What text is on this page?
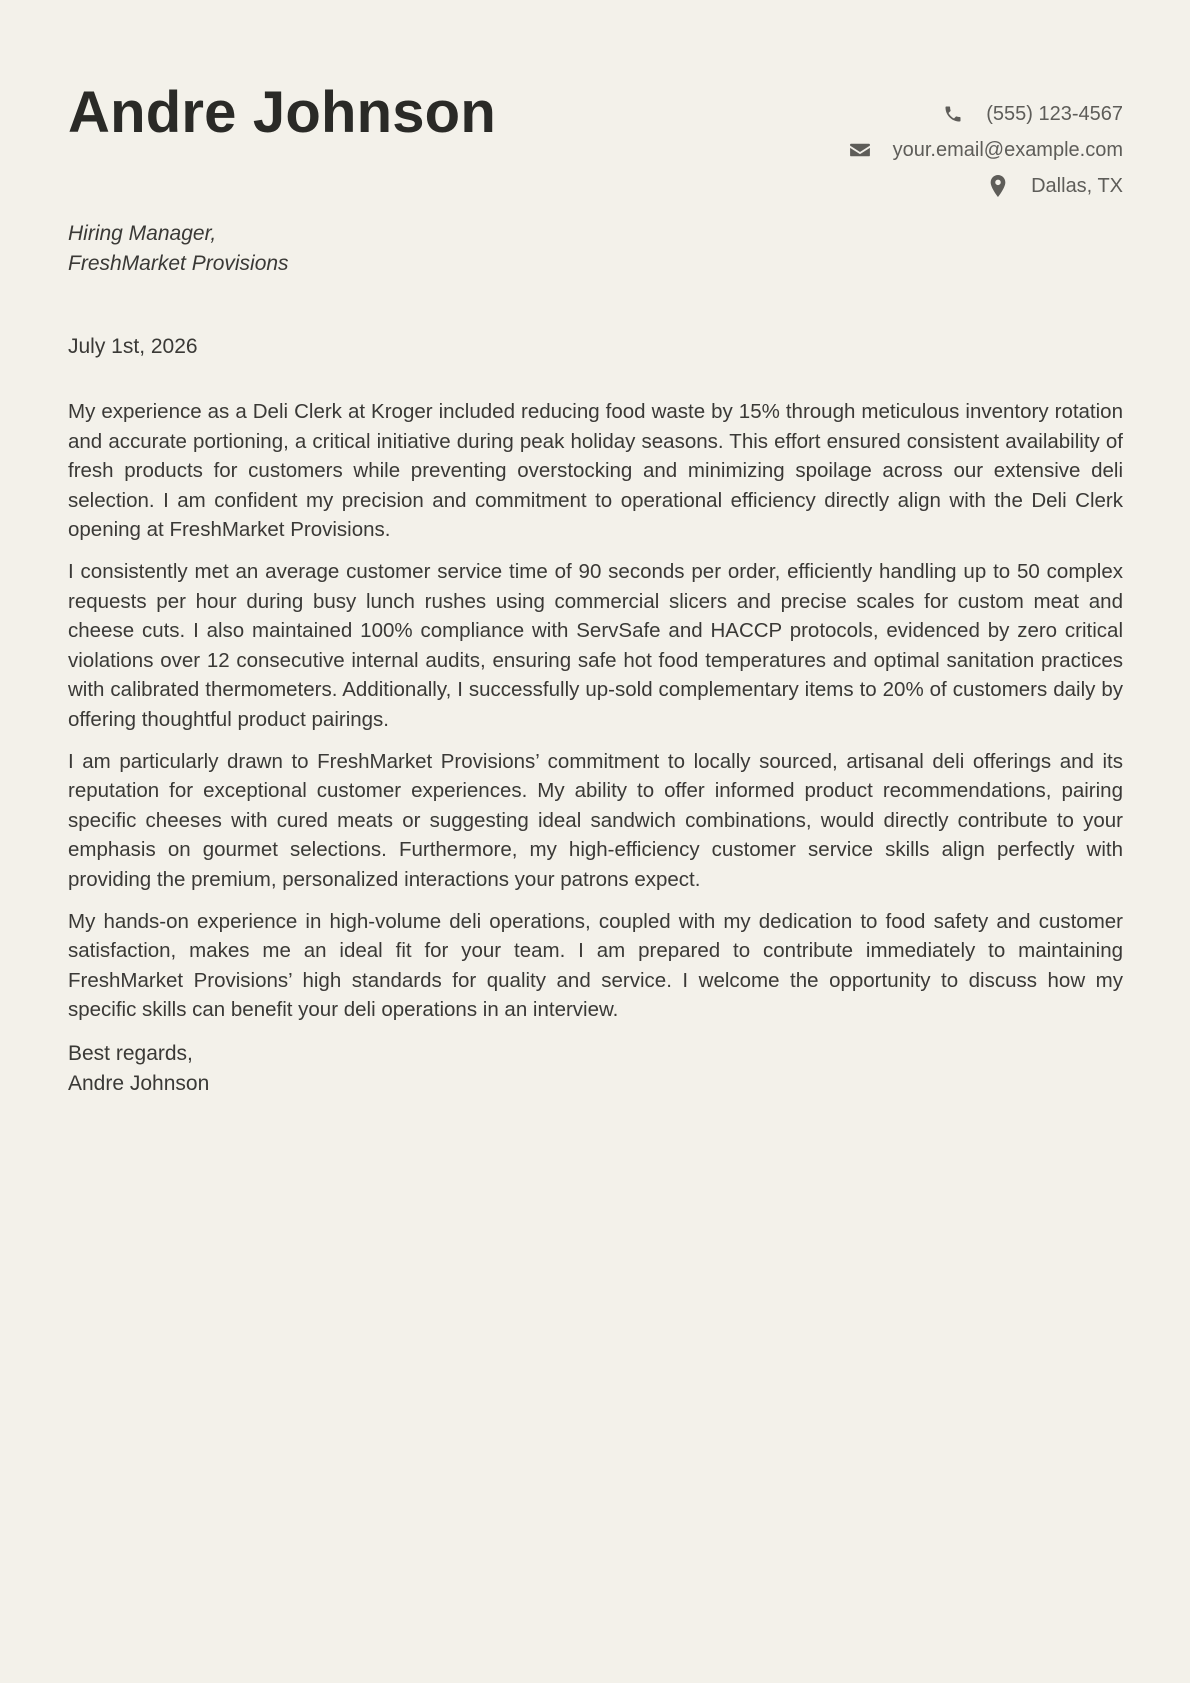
Andre Johnson	(555) 123-4567
your.email@example.com
Dallas, TX
Hiring Manager,
FreshMarket Provisions
July 1st, 2026

My experience as a Deli Clerk at Kroger included reducing food waste by 15% through meticulous inventory rotation and accurate portioning, a critical initiative during peak holiday seasons. This effort ensured consistent availability of fresh products for customers while preventing overstocking and minimizing spoilage across our extensive deli selection. I am confident my precision and commitment to operational efficiency directly align with the Deli Clerk opening at FreshMarket Provisions.

I consistently met an average customer service time of 90 seconds per order, efficiently handling up to 50 complex requests per hour during busy lunch rushes using commercial slicers and precise scales for custom meat and cheese cuts. I also maintained 100% compliance with ServSafe and HACCP protocols, evidenced by zero critical violations over 12 consecutive internal audits, ensuring safe hot food temperatures and optimal sanitation practices with calibrated thermometers. Additionally, I successfully up-sold complementary items to 20% of customers daily by offering thoughtful product pairings.

I am particularly drawn to FreshMarket Provisions’ commitment to locally sourced, artisanal deli offerings and its reputation for exceptional customer experiences. My ability to offer informed product recommendations, pairing specific cheeses with cured meats or suggesting ideal sandwich combinations, would directly contribute to your emphasis on gourmet selections. Furthermore, my high-efficiency customer service skills align perfectly with providing the premium, personalized interactions your patrons expect.

My hands-on experience in high-volume deli operations, coupled with my dedication to food safety and customer satisfaction, makes me an ideal fit for your team. I am prepared to contribute immediately to maintaining FreshMarket Provisions’ high standards for quality and service. I welcome the opportunity to discuss how my specific skills can benefit your deli operations in an interview.

Best regards,
Andre Johnson
